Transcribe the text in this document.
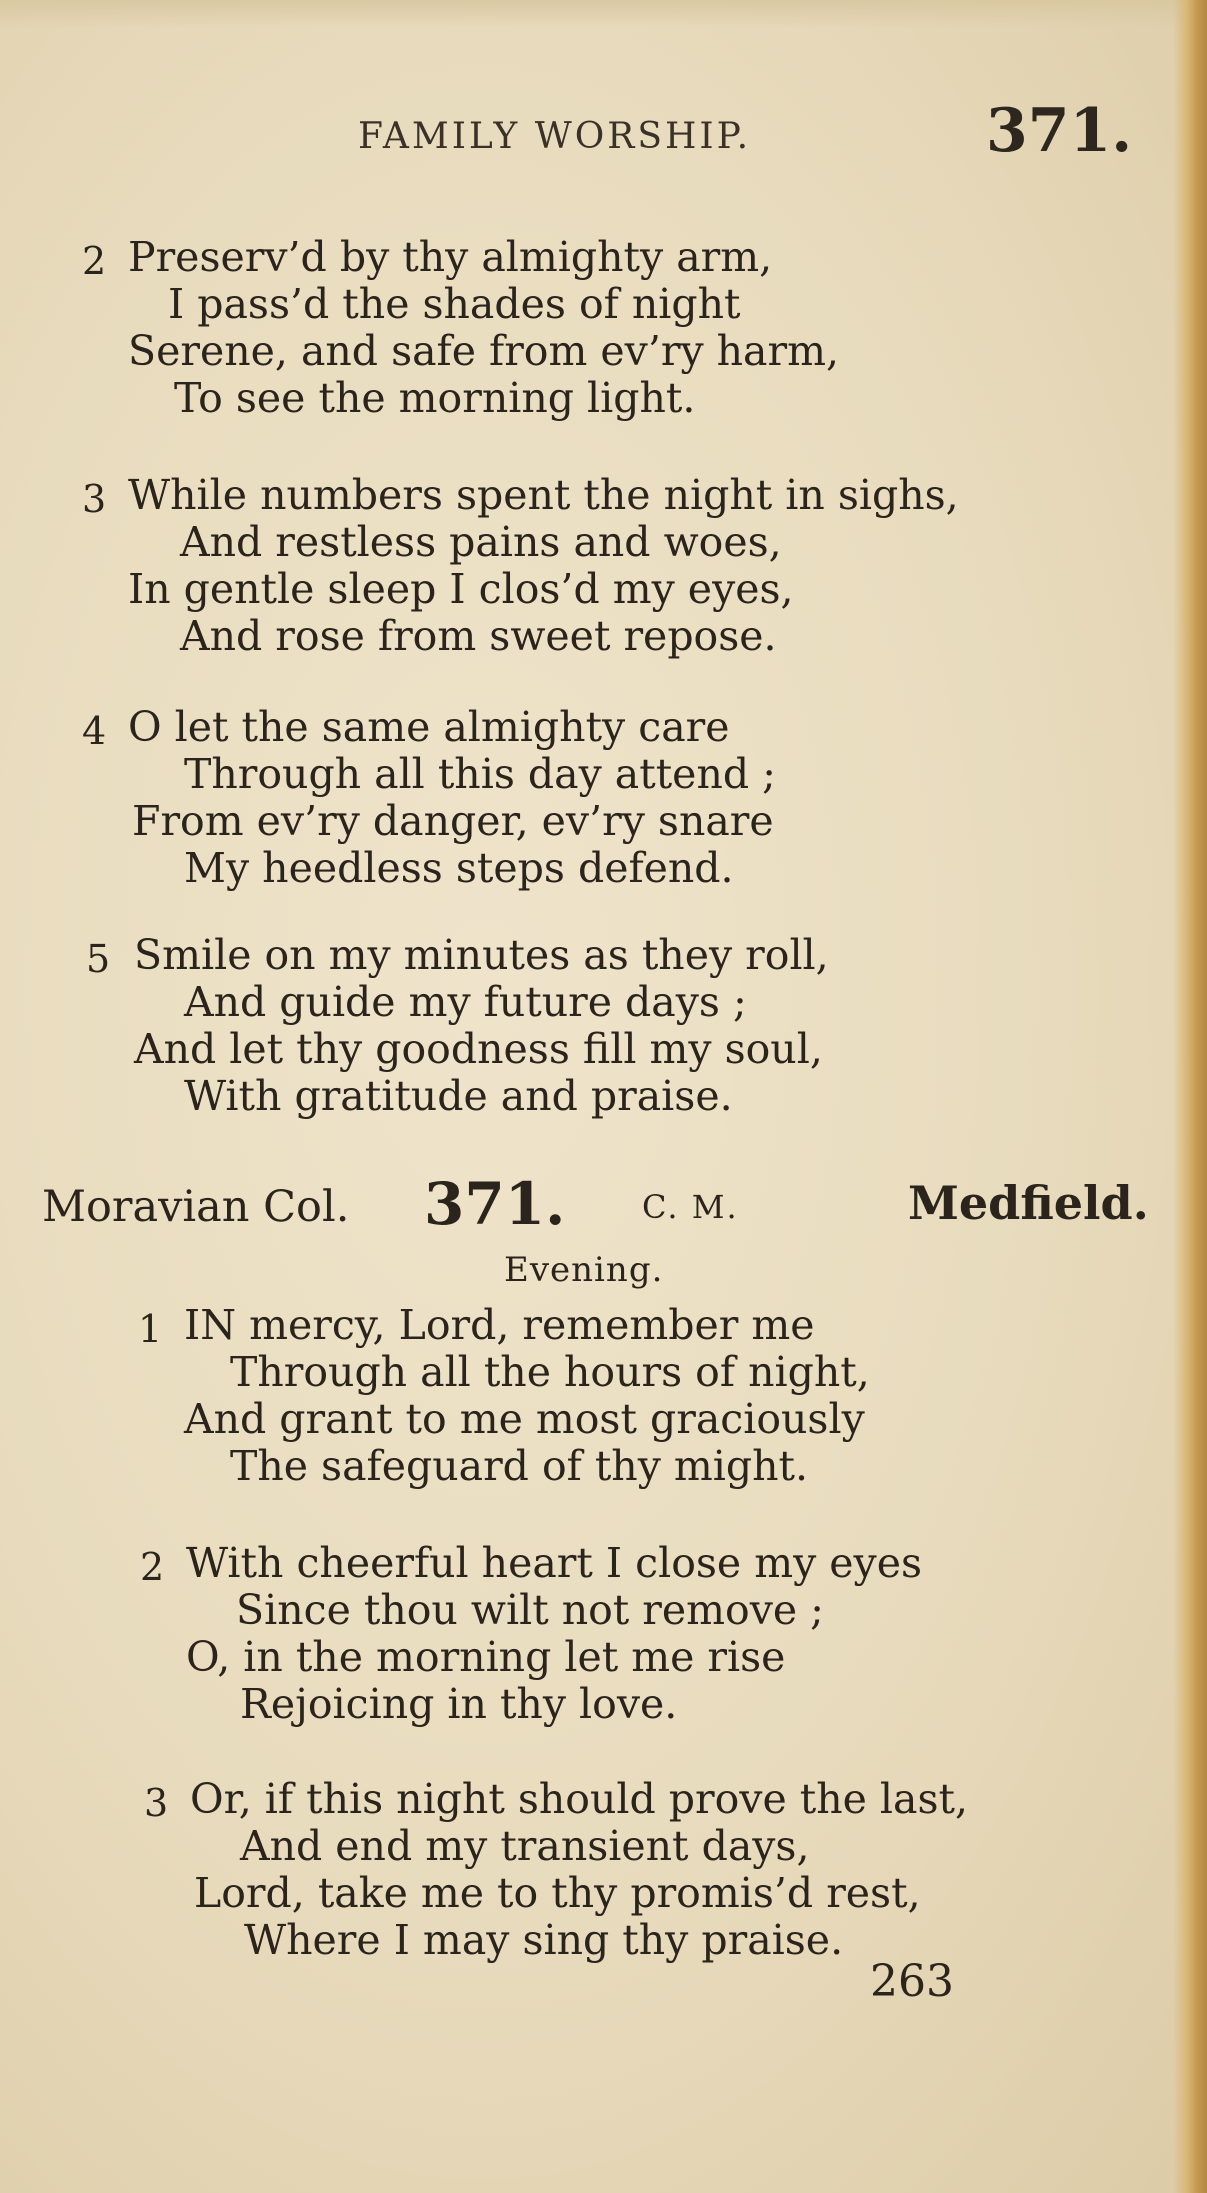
FAMILY WORSHIP.	371.
2 Preserv’d by thy almighty arm,
I pass’d the shades of night
Serene, and safe from ev’ry harm,
To see the morning light.
3 While numbers spent the night in sighs,
And restless pains and woes,
In gentle sleep I clos’d my eyes,
And rose from sweet repose.
4 O let the same almighty care
Through all this day attend ;
From ev’ry danger, ev’ry snare
My heedless steps defend.
5 Smile on my minutes as they roll,
And guide my future days ;
And let thy goodness fill my soul,
With gratitude and praise.
Moravian Col. 371. C. M.	Medfield.
Evening.
1 IN mercy, Lord, remember me
Through all the hours of night,
And grant to me most graciously
The safeguard of thy might.
2 With cheerful heart I close my eyes
Since thou wilt not remove ;
O, in the morning let me rise
Rejoicing in thy love.
3 Or, if this night should prove the last,
And end my transient days,
Lord, take me to thy promis’d rest,
Where I may sing thy praise.
263
